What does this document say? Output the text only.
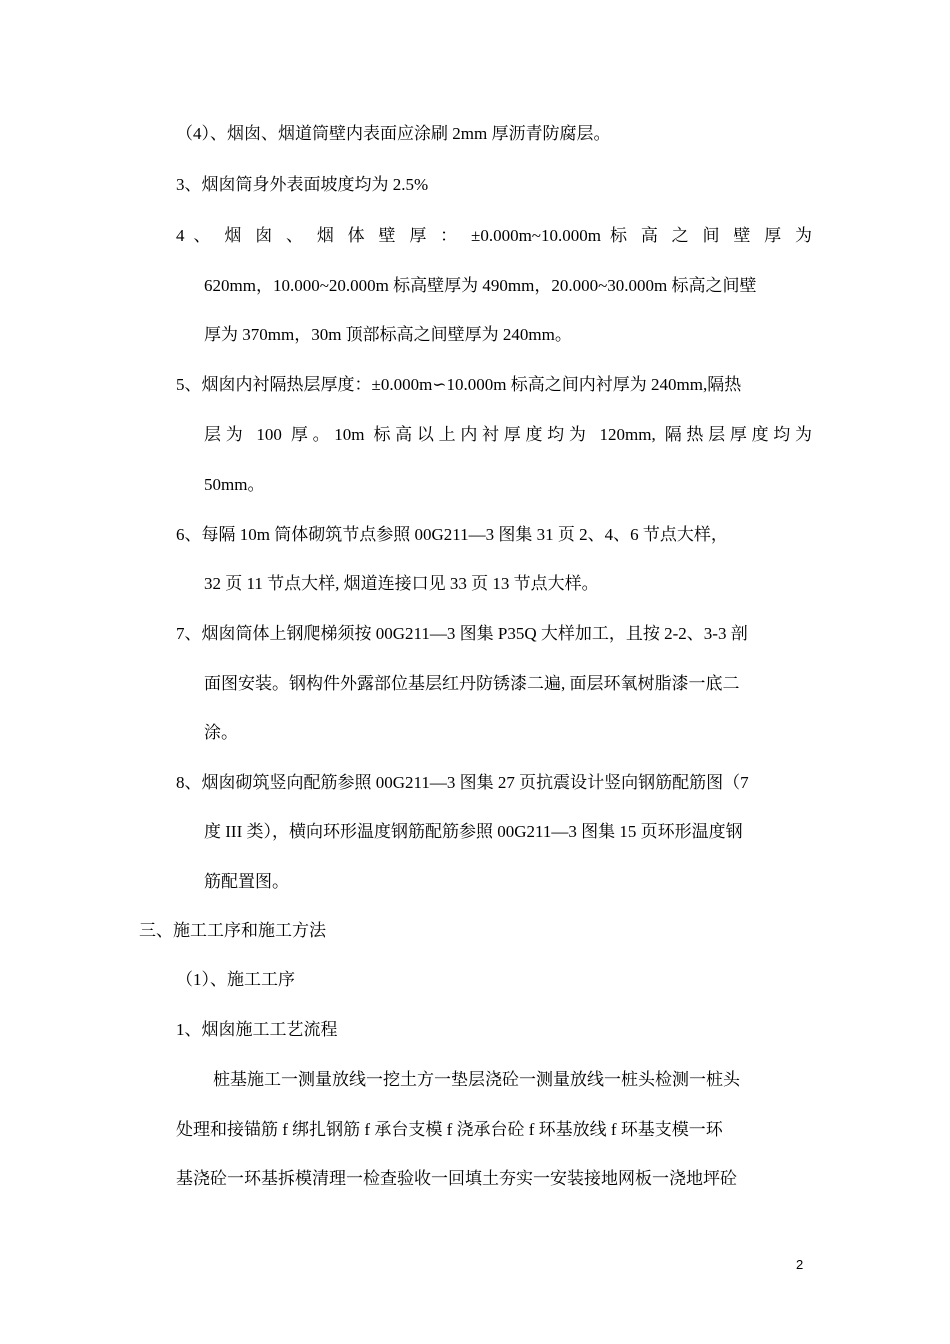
（4）、烟囱、烟道筒壁内表面应涂刷 2mm 厚沥青防腐层。
3、烟囱筒身外表面坡度均为 2.5%
4 、 烟 囱 、 烟 体 壁 厚 ： ±0.000m~10.000m 标 高 之 间 壁 厚 为
620mm，10.000~20.000m 标高壁厚为 490mm，20.000~30.000m 标高之间壁
厚为 370mm，30m 顶部标高之间壁厚为 240mm。
5、烟囱内衬隔热层厚度：±0.000m∽10.000m 标高之间内衬厚为 240mm,隔热
层为 100 厚。10m 标高以上内衬厚度均为 120mm, 隔热层厚度均为
50mm。
6、每隔 10m 筒体砌筑节点参照 00G211—3 图集 31 页 2、4、6 节点大样，
32 页 11 节点大样, 烟道连接口见 33 页 13 节点大样。
7、烟囱筒体上钢爬梯须按 00G211—3 图集 P35Q 大样加工，且按 2-2、3-3 剖
面图安装。钢构件外露部位基层红丹防锈漆二遍, 面层环氧树脂漆一底二
涂。
8、烟囱砌筑竖向配筋参照 00G211—3 图集 27 页抗震设计竖向钢筋配筋图（7
度 III 类），横向环形温度钢筋配筋参照 00G211—3 图集 15 页环形温度钢
筋配置图。
三、施工工序和施工方法
（1）、施工工序
1、烟囱施工工艺流程
桩基施工一测量放线一挖土方一垫层浇砼一测量放线一桩头检测一桩头
处理和接锚筋 f 绑扎钢筋 f 承台支模 f 浇承台砼 f 环基放线 f 环基支模一环
基浇砼一环基拆模清理一检查验收一回填土夯实一安装接地网板一浇地坪砼
2
